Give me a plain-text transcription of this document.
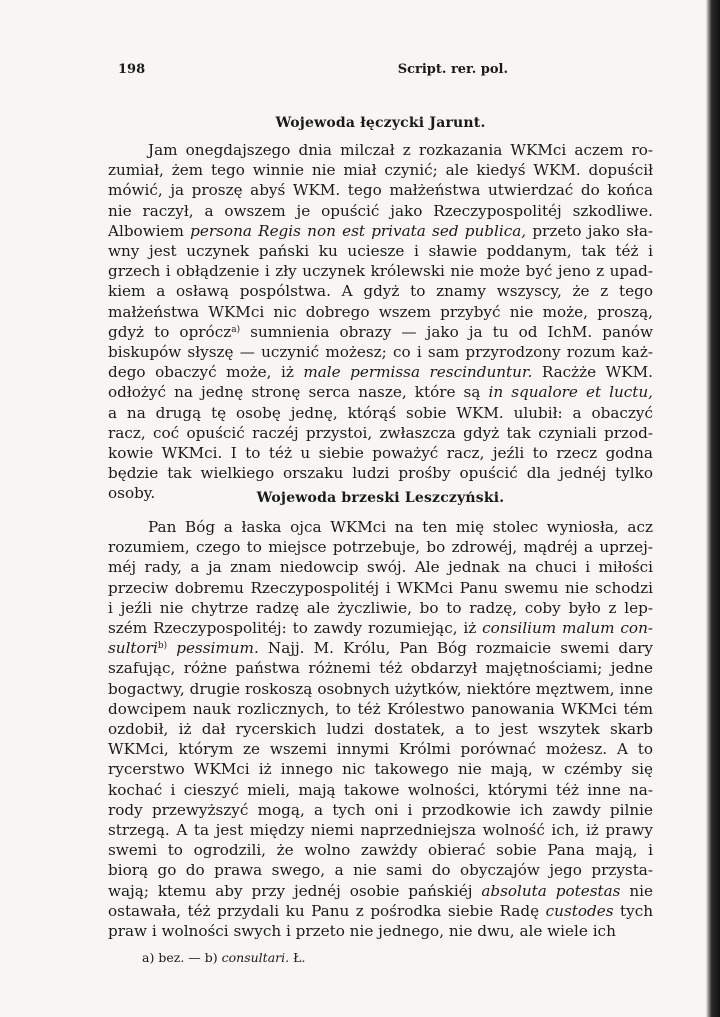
198	Script. rer. pol.
Wojewoda łęczycki Jarunt.
Jam onegdajszego dnia milczał z rozkazania WKMci aczem ro-
zumiał, żem tego winnie nie miał czynić; ale kiedyś WKM. dopuścił
mówić, ja proszę abyś WKM. tego małżeństwa utwierdzać do końca
nie raczył, a owszem je opuścić jako Rzeczypospolitéj szkodliwe.
Albowiem persona Regis non est privata sed publica, przeto jako sła-
wny jest uczynek pański ku uciesze i sławie poddanym, tak téż i
grzech i obłądzenie i zły uczynek królewski nie może być jeno z upad-
kiem a osławą pospólstwa. A gdyż to znamy wszyscy, że z tego
małżeństwa WKMci nic dobrego wszem przybyć nie może, proszą,
gdyż to oprócz$^{a)}$ sumnienia obrazy — jako ja tu od IchM. panów
biskupów słyszę — uczynić możesz; co i sam przyrodzony rozum każ-
dego obaczyć może, iż male permissa rescinduntur. Racżże WKM.
odłożyć na jednę stronę serca nasze, które są in squalore et luctu,
a na drugą tę osobę jednę, którąś sobie WKM. ulubił: a obaczyć
racz, coć opuścić raczéj przystoi, zwłaszcza gdyż tak czyniali przod-
kowie WKMci. I to téż u siebie poważyć racz, jeźli to rzecz godna
będzie tak wielkiego orszaku ludzi prośby opuścić dla jednéj tylko
osoby.	Wojewoda brzeski Leszczyński.
Pan Bóg a łaska ojca WKMci na ten mię stolec wyniosła, acz
rozumiem, czego to miejsce potrzebuje, bo zdrowéj, mądréj a uprzej-
méj rady, a ja znam niedowcip swój. Ale jednak na chuci i miłości
przeciw dobremu Rzeczypospolitéj i WKMci Panu swemu nie schodzi
i jeźli nie chytrze radzę ale życzliwie, bo to radzę, coby było z lep-
szém Rzeczypospolitéj: to zawdy rozumiejąc, iż consilium malum con-
sultori$^{b)}$ pessimum. Najj. M. Królu, Pan Bóg rozmaicie swemi dary
szafując, różne państwa różnemi téż obdarzył majętnościami; jedne
bogactwy, drugie roskoszą osobnych użytków, niektóre męztwem, inne
dowcipem nauk rozlicznych, to téż Królestwo panowania WKMci tém
ozdobił, iż dał rycerskich ludzi dostatek, a to jest wszytek skarb
WKMci, którym ze wszemi innymi Królmi porównać możesz. A to
rycerstwo WKMci iż innego nic takowego nie mają, w czémby się
kochać i cieszyć mieli, mają takowe wolności, którymi téż inne na-
rody przewyższyć mogą, a tych oni i przodkowie ich zawdy pilnie
strzegą. A ta jest między niemi naprzedniejsza wolność ich, iż prawy
swemi to ogrodzili, że wolno zawżdy obierać sobie Pana mają, i
biorą go do prawa swego, a nie sami do obyczajów jego przysta-
wają; ktemu aby przy jednéj osobie pańskiéj absoluta potestas nie
ostawała, téż przydali ku Panu z pośrodka siebie Radę custodes tych
praw i wolności swych i przeto nie jednego, nie dwu, ale wiele ich
a) bez. — b) consultari. Ł.
